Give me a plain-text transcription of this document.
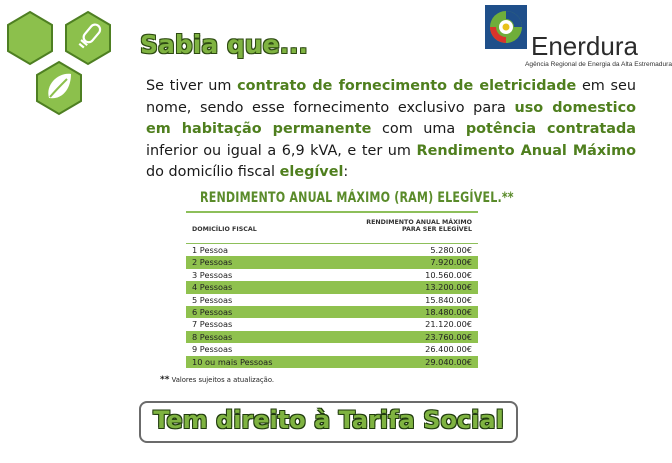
Sabia que...	Enerdura
Agência Regional de Energia da Alta Estremadura
Se tiver um contrato de fornecimento de eletricidade em seu nome, sendo esse fornecimento exclusivo para uso domestico em habitação permanente com uma potência contratada inferior ou igual a 6,9 kVA, e ter um Rendimento Anual Máximo do domicílio fiscal elegível:
RENDIMENTO ANUAL MÁXIMO (RAM) ELEGÍVEL.**
DOMICÍLIO FISCAL
RENDIMENTO ANUAL MÁXIMO
PARA SER ELEGÍVEL
1 Pessoa	5.280.00€
2 Pessoas	7.920.00€
3 Pessoas	10.560.00€
4 Pessoas	13.200.00€
5 Pessoas	15.840.00€
6 Pessoas	18.480.00€
7 Pessoas	21.120.00€
8 Pessoas	23.760.00€
9 Pessoas	26.400.00€
10 ou mais Pessoas	29.040.00€
** Valores sujeitos a atualização.
Tem direito à Tarifa Social
